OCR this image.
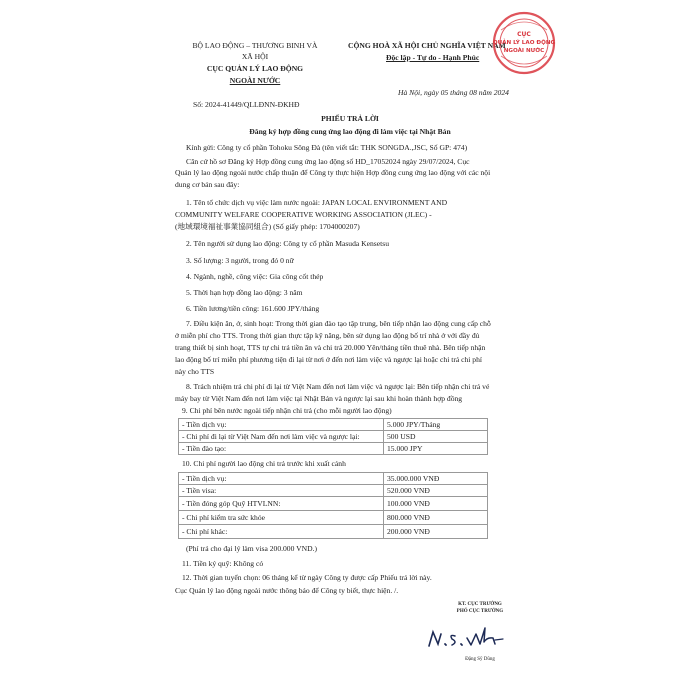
BỘ LAO ĐỘNG – THƯƠNG BINH VÀ
XÃ HỘI
CỤC QUẢN LÝ LAO ĐỘNG
NGOÀI NƯỚC
Số: 2024-41449/QLLĐNN-ĐKHĐ
CỘNG HOÀ XÃ HỘI CHỦ NGHĨA VIỆT NAM
Độc lập - Tự do - Hạnh Phúc
Hà Nội, ngày 05 tháng 08 năm 2024
CỤC
QUẢN LÝ LAO ĐỘNG
NGOÀI NƯỚC
PHIẾU TRẢ LỜI
Đăng ký hợp đồng cung ứng lao động đi làm việc tại Nhật Bản
Kính gửi: Công ty cổ phần Tohoku Sông Đà (tên viết tắt: THK SONGDA.,JSC, Số GP: 474)
Căn cứ hồ sơ Đăng ký Hợp đồng cung ứng lao động số HD_17052024 ngày 29/07/2024, Cục
Quản lý lao động ngoài nước chấp thuận để Công ty thực hiện Hợp đồng cung ứng lao động với các nội
dung cơ bản sau đây:
1. Tên tổ chức dịch vụ việc làm nước ngoài: JAPAN LOCAL ENVIRONMENT AND
COMMUNITY WELFARE COOPERATIVE WORKING ASSOCIATION (JLEC) -
(地域環境福祉事業協同組合) (Số giấy phép: 1704000207)
2. Tên người sử dụng lao động: Công ty cổ phần Masuda Kensetsu
3. Số lượng: 3 người, trong đó 0 nữ
4. Ngành, nghề, công việc: Gia công cốt thép
5. Thời hạn hợp đồng lao động: 3 năm
6. Tiền lương/tiền công: 161.600 JPY/tháng
7. Điều kiện ăn, ở, sinh hoạt: Trong thời gian đào tạo tập trung, bên tiếp nhận lao động cung cấp chỗ
ở miễn phí cho TTS. Trong thời gian thực tập kỹ năng, bên sử dụng lao động bố trí nhà ở với đầy đủ
trang thiết bị sinh hoạt, TTS tự chi trả tiền ăn và chi trả 20.000 Yên/tháng tiền thuê nhà. Bên tiếp nhận
lao động bố trí miễn phí phương tiện đi lại từ nơi ở đến nơi làm việc và ngược lại hoặc chi trả chi phí
này cho TTS
8. Trách nhiệm trả chi phí đi lại từ Việt Nam đến nơi làm việc và ngược lại: Bên tiếp nhận chi trả vé
máy bay từ Việt Nam đến nơi làm việc tại Nhật Bản và ngược lại sau khi hoàn thành hợp đồng
9. Chi phí bên nước ngoài tiếp nhận chi trả (cho mỗi người lao động)
- Tiền dịch vụ:	5.000 JPY/Tháng
- Chi phí đi lại từ Việt Nam đến nơi làm việc và ngược lại:	500 USD
- Tiền đào tạo:	15.000 JPY
10. Chi phí người lao động chi trả trước khi xuất cảnh
- Tiền dịch vụ:	35.000.000 VNĐ
- Tiền visa:	520.000 VNĐ
- Tiền đóng góp Quỹ HTVLNN:	100.000 VNĐ
- Chi phí kiểm tra sức khỏe	800.000 VNĐ
- Chi phí khác:	200.000 VNĐ
(Phí trả cho đại lý làm visa 200.000 VND.)
11. Tiền ký quỹ: Không có
12. Thời gian tuyển chọn: 06 tháng kể từ ngày Công ty được cấp Phiếu trả lời này.
Cục Quản lý lao động ngoài nước thông báo để Công ty biết, thực hiện. /.
KT. CỤC TRƯỞNG
PHÓ CỤC TRƯỞNG
Đặng Sỹ Dũng
